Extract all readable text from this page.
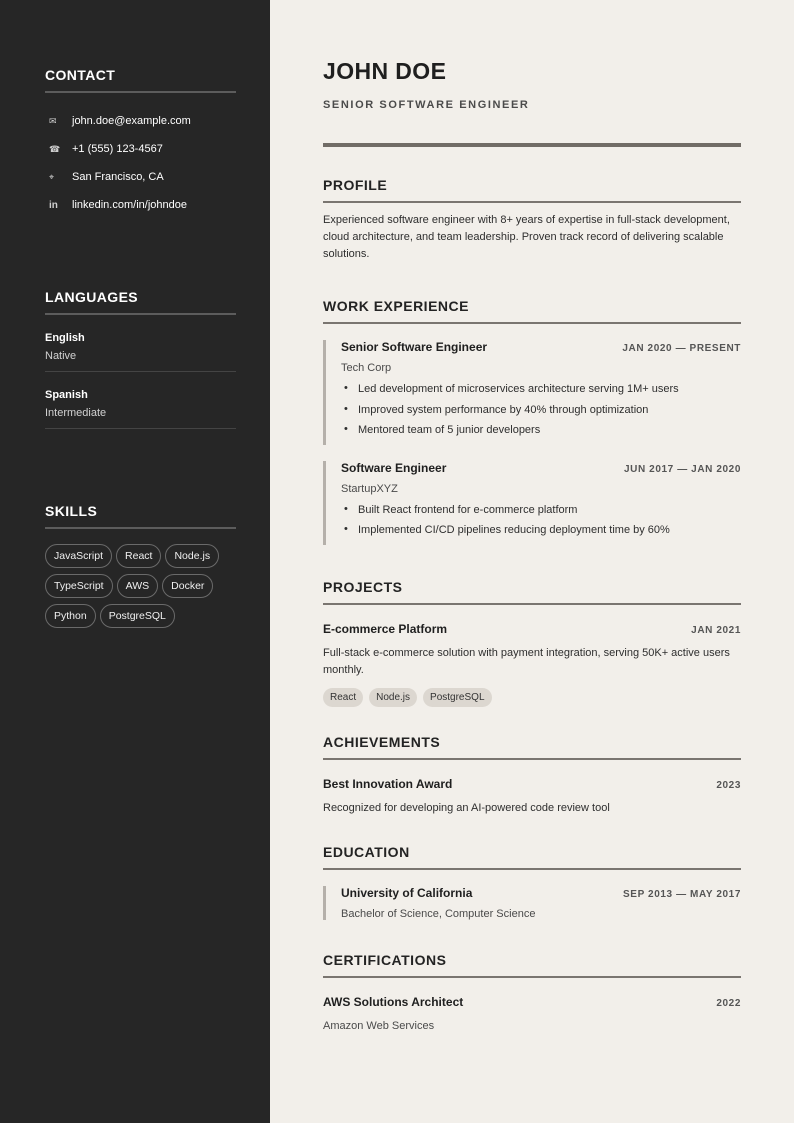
CONTACT
✉	john.doe@example.com
☎	+1 (555) 123-4567
⌖	San Francisco, CA
in	linkedin.com/in/johndoe
LANGUAGES
English
Native
Spanish
Intermediate
SKILLS
JavaScript	React	Node.js
TypeScript	AWS	Docker
Python	PostgreSQL
JOHN DOE
SENIOR SOFTWARE ENGINEER
PROFILE

Experienced software engineer with 8+ years of expertise in full-stack development, cloud architecture, and team leadership. Proven track record of delivering scalable solutions.

WORK EXPERIENCE
Senior Software Engineer	JAN 2020 — PRESENT
Tech Corp
• Led development of microservices architecture serving 1M+ users
• Improved system performance by 40% through optimization
• Mentored team of 5 junior developers
Software Engineer	JUN 2017 — JAN 2020
StartupXYZ
• Built React frontend for e-commerce platform
• Implemented CI/CD pipelines reducing deployment time by 60%
PROJECTS
E-commerce Platform	JAN 2021

Full-stack e-commerce solution with payment integration, serving 50K+ active users monthly.

React	Node.js	PostgreSQL
ACHIEVEMENTS
Best Innovation Award	2023

Recognized for developing an AI-powered code review tool

EDUCATION
University of California	SEP 2013 — MAY 2017
Bachelor of Science, Computer Science
CERTIFICATIONS
AWS Solutions Architect	2022

Amazon Web Services
